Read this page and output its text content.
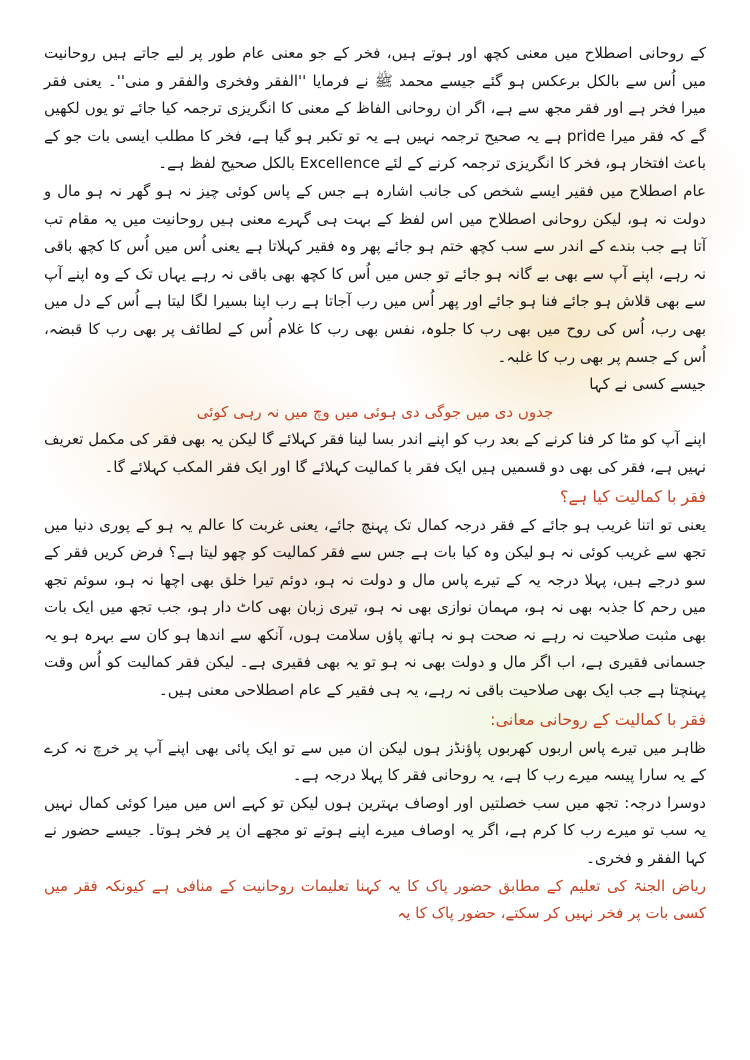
کے روحانی اصطلاح میں معنی کچھ اور ہوتے ہیں، فخر کے جو معنی عام طور پر لیے جاتے ہیں روحانیت میں اُس سے بالکل برعکس ہو گئے جیسے محمد ﷺ نے فرمایا ''الفقر وفخری والفقر و منی''۔ یعنی فقر میرا فخر ہے اور فقر مجھ سے ہے، اگر ان روحانی الفاظ کے معنی کا انگریزی ترجمہ کیا جائے تو یوں لکھیں گے کہ فقر میرا pride ہے یہ صحیح ترجمہ نہیں ہے یہ تو تکبر ہو گیا ہے، فخر کا مطلب ایسی بات جو کے باعث افتخار ہو، فخر کا انگریزی ترجمہ کرنے کے لئے Excellence بالکل صحیح لفظ ہے۔

عام اصطلاح میں فقیر ایسے شخص کی جانب اشارہ ہے جس کے پاس کوئی چیز نہ ہو گھر نہ ہو مال و دولت نہ ہو، لیکن روحانی اصطلاح میں اس لفظ کے بہت ہی گہرے معنی ہیں روحانیت میں یہ مقام تب آتا ہے جب بندے کے اندر سے سب کچھ ختم ہو جائے پھر وہ فقیر کہلاتا ہے یعنی اُس میں اُس کا کچھ باقی نہ رہے، اپنے آپ سے بھی بے گانہ ہو جائے تو جس میں اُس کا کچھ بھی باقی نہ رہے یہاں تک کے وہ اپنے آپ سے بھی قلاش ہو جائے فنا ہو جائے اور پھر اُس میں رب آجاتا ہے رب اپنا بسیرا لگا لیتا ہے اُس کے دل میں بھی رب، اُس کی روح میں بھی رب کا جلوہ، نفس بھی رب کا غلام اُس کے لطائف پر بھی رب کا قبضہ، اُس کے جسم پر بھی رب کا غلبہ۔

جیسے کسی نے کہا

جدوں دی میں جوگی دی ہوئی میں وچ میں نہ رہی کوئی

اپنے آپ کو مٹا کر فنا کرنے کے بعد رب کو اپنے اندر بسا لینا فقر کہلائے گا لیکن یہ بھی فقر کی مکمل تعریف نہیں ہے، فقر کی بھی دو قسمیں ہیں ایک فقر با کمالیت کہلائے گا اور ایک فقر المکب کہلائے گا۔

فقر با کمالیت کیا ہے؟

یعنی تو اتنا غریب ہو جائے کے فقر درجہ کمال تک پہنچ جائے، یعنی غربت کا عالم یہ ہو کے پوری دنیا میں تجھ سے غریب کوئی نہ ہو لیکن وہ کیا بات ہے جس سے فقر کمالیت کو چھو لیتا ہے؟ فرض کریں فقر کے سو درجے ہیں، پہلا درجہ یہ کے تیرے پاس مال و دولت نہ ہو، دوئم تیرا خلق بھی اچھا نہ ہو، سوئم تجھ میں رحم کا جذبہ بھی نہ ہو، مہمان نوازی بھی نہ ہو، تیری زبان بھی کاٹ دار ہو، جب تجھ میں ایک بات بھی مثبت صلاحیت نہ رہے نہ صحت ہو نہ ہاتھ پاؤں سلامت ہوں، آنکھ سے اندھا ہو کان سے بہرہ ہو یہ جسمانی فقیری ہے، اب اگر مال و دولت بھی نہ ہو تو یہ بھی فقیری ہے۔ لیکن فقر کمالیت کو اُس وقت پہنچتا ہے جب ایک بھی صلاحیت باقی نہ رہے، یہ ہی فقیر کے عام اصطلاحی معنی ہیں۔

فقر با کمالیت کے روحانی معانی:

ظاہر میں تیرے پاس اربوں کھربوں پاؤنڈز ہوں لیکن ان میں سے تو ایک پائی بھی اپنے آپ پر خرچ نہ کرے کے یہ سارا پیسہ میرے رب کا ہے، یہ روحانی فقر کا پہلا درجہ ہے۔

دوسرا درجہ: تجھ میں سب خصلتیں اور اوصاف بہترین ہوں لیکن تو کہے اس میں میرا کوئی کمال نہیں یہ سب تو میرے رب کا کرم ہے، اگر یہ اوصاف میرے اپنے ہوتے تو مجھے ان پر فخر ہوتا۔ جیسے حضور نے کہا الفقر و فخری۔

ریاض الجنۃ کی تعلیم کے مطابق حضور پاک کا یہ کہنا تعلیمات روحانیت کے منافی ہے کیونکہ فقر میں کسی بات پر فخر نہیں کر سکتے، حضور پاک کا یہ
